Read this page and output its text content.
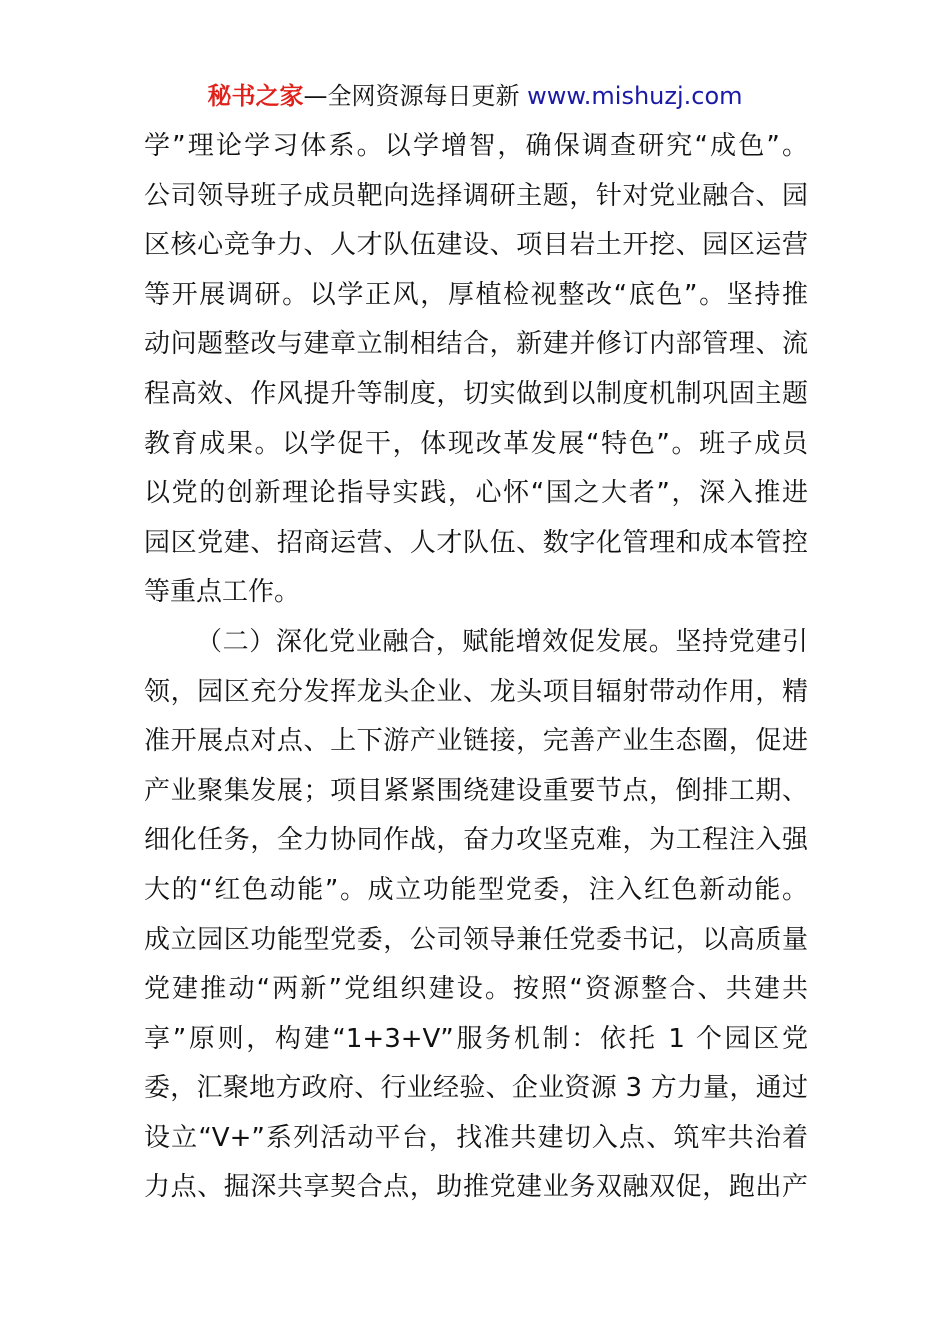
秘书之家—全网资源每日更新 www.mishuzj.com
学”理论学习体系。以学增智，确保调查研究“成色”。
公司领导班子成员靶向选择调研主题，针对党业融合、园
区核心竞争力、人才队伍建设、项目岩土开挖、园区运营
等开展调研。以学正风，厚植检视整改“底色”。坚持推
动问题整改与建章立制相结合，新建并修订内部管理、流
程高效、作风提升等制度，切实做到以制度机制巩固主题
教育成果。以学促干，体现改革发展“特色”。班子成员
以党的创新理论指导实践，心怀“国之大者”，深入推进
园区党建、招商运营、人才队伍、数字化管理和成本管控
等重点工作。
（二）深化党业融合，赋能增效促发展。坚持党建引
领，园区充分发挥龙头企业、龙头项目辐射带动作用，精
准开展点对点、上下游产业链接，完善产业生态圈，促进
产业聚集发展；项目紧紧围绕建设重要节点，倒排工期、
细化任务，全力协同作战，奋力攻坚克难，为工程注入强
大的“红色动能”。成立功能型党委，注入红色新动能。
成立园区功能型党委，公司领导兼任党委书记，以高质量
党建推动“两新”党组织建设。按照“资源整合、共建共
享”原则，构建“1+3+V”服务机制：依托 1 个园区党
委，汇聚地方政府、行业经验、企业资源 3 方力量，通过
设立“V+”系列活动平台，找准共建切入点、筑牢共治着
力点、掘深共享契合点，助推党建业务双融双促，跑出产
